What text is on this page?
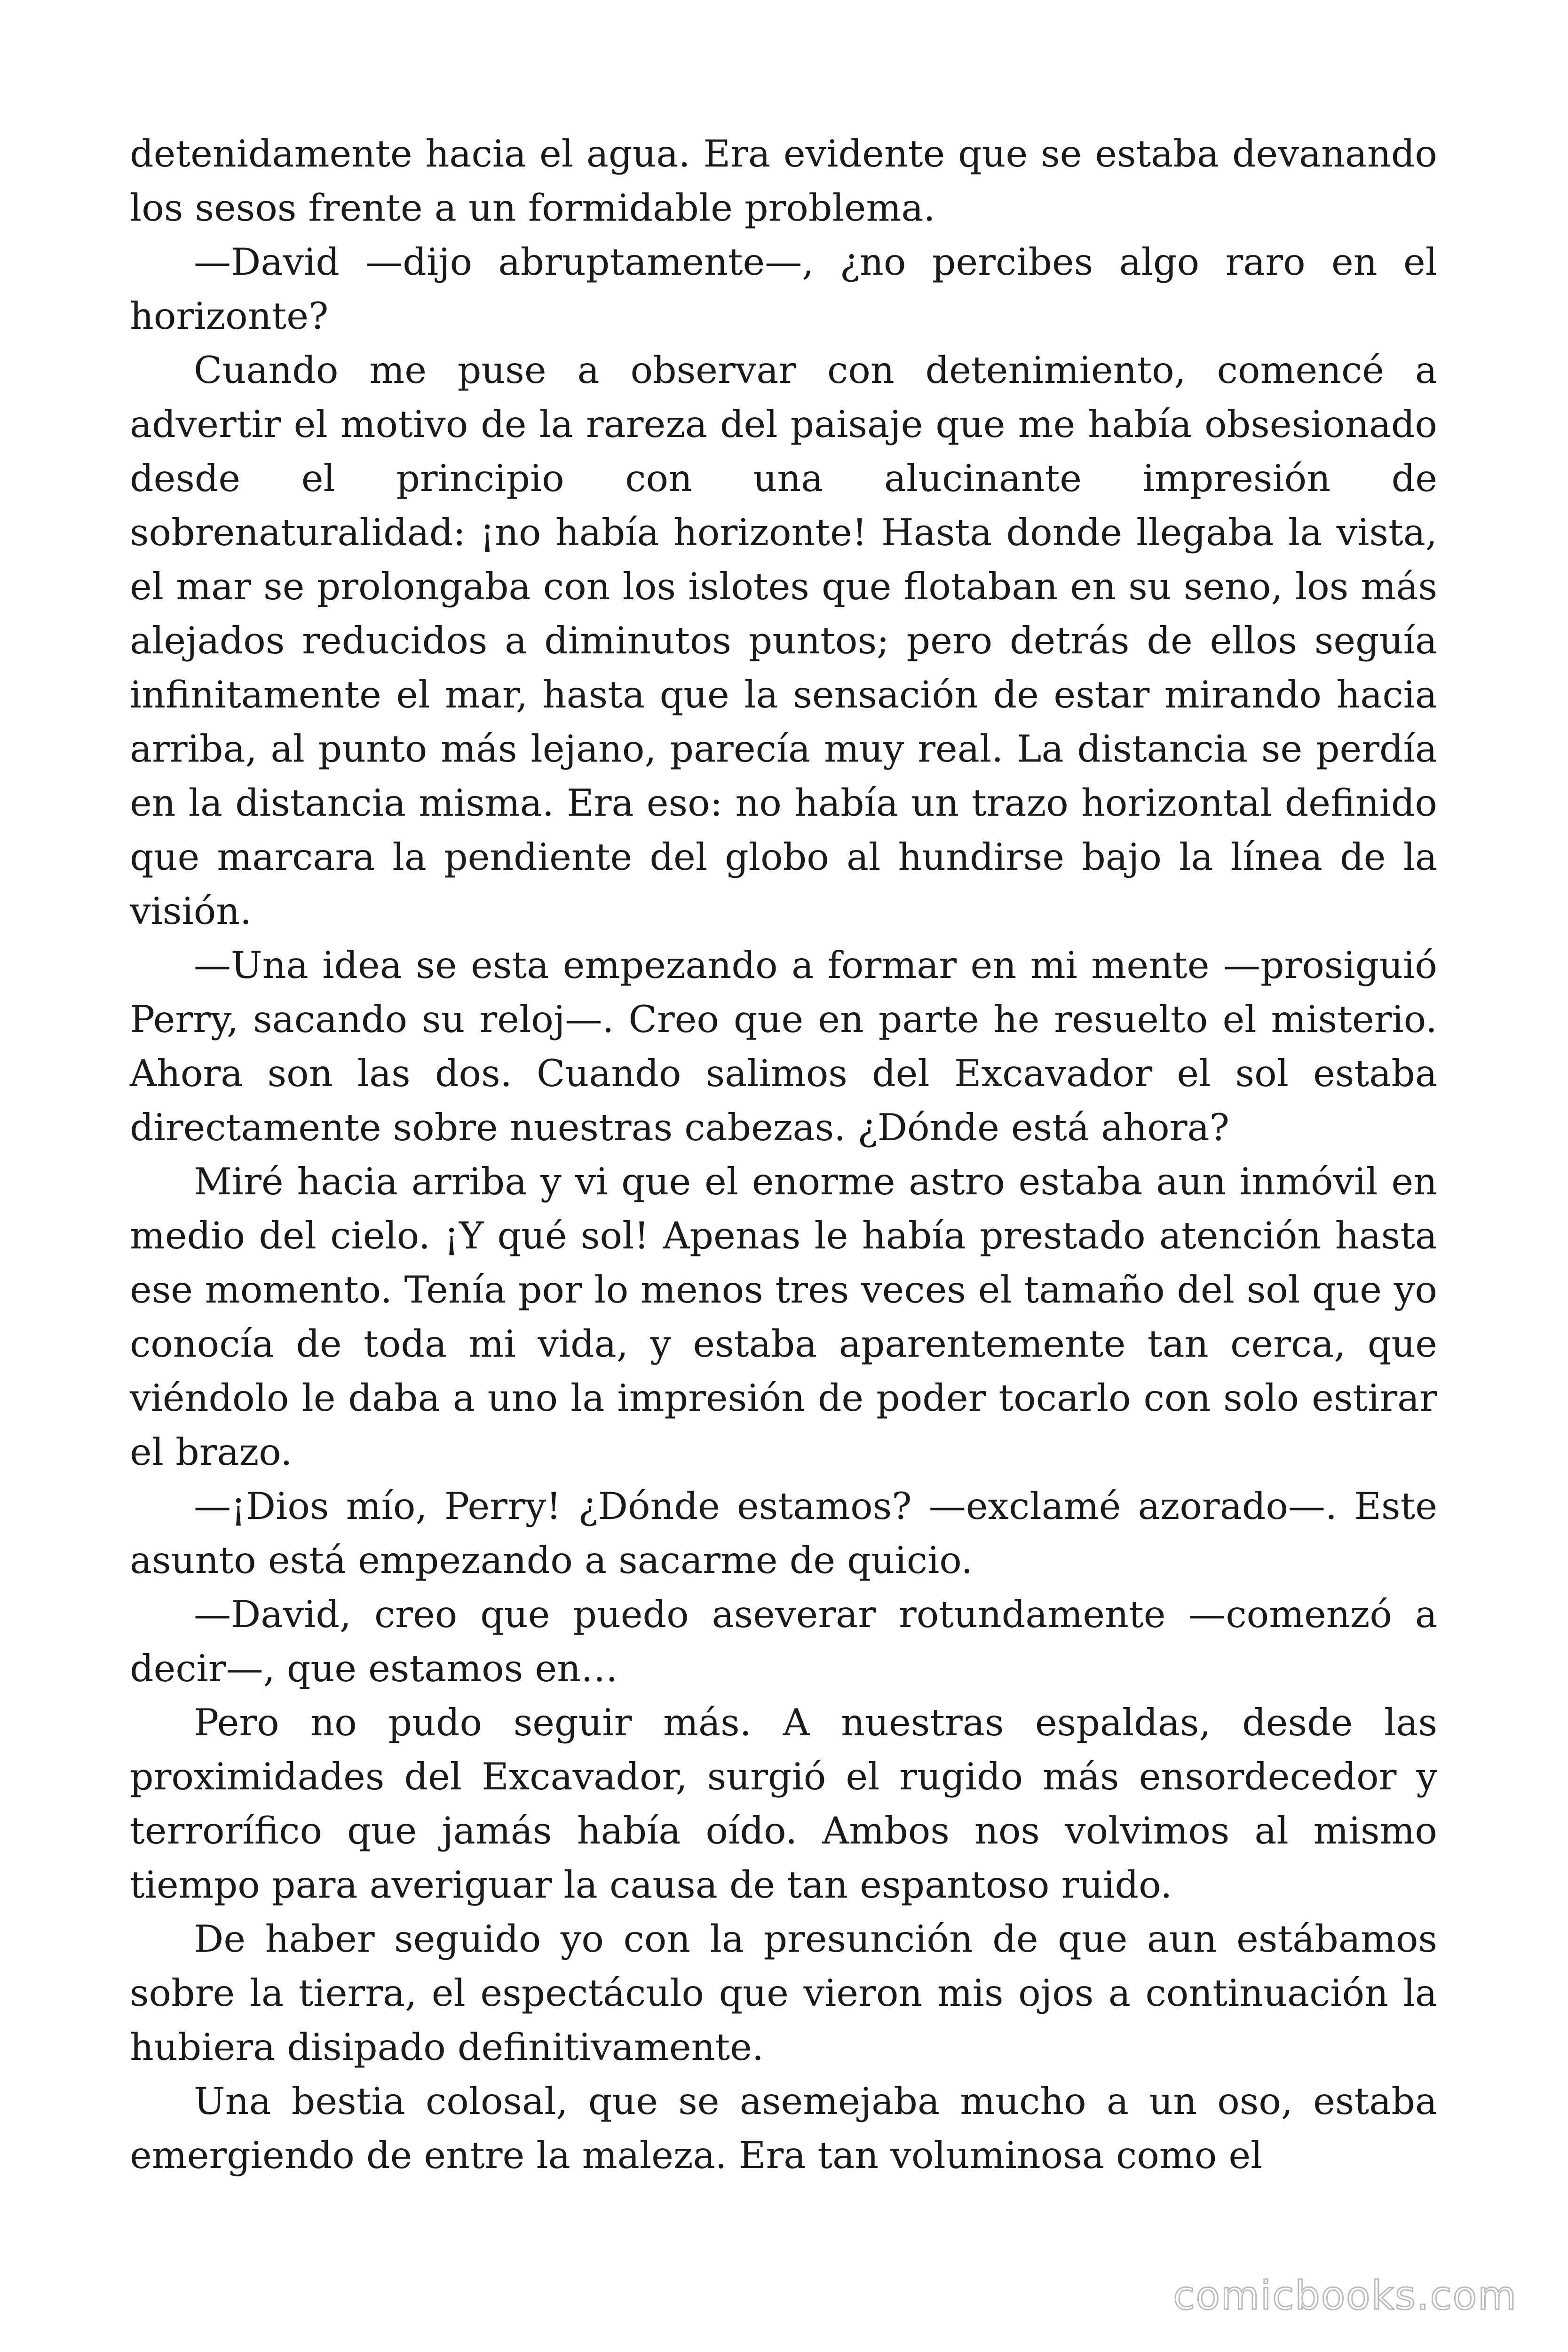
detenidamente hacia el agua. Era evidente que se estaba devanando los sesos frente a un formidable problema.

—David —dijo abruptamente—, ¿no percibes algo raro en el horizonte?

Cuando me puse a observar con detenimiento, comencé a advertir el motivo de la rareza del paisaje que me había obsesionado desde el principio con una alucinante impresión de sobrenaturalidad: ¡no había horizonte! Hasta donde llegaba la vista, el mar se prolongaba con los islotes que flotaban en su seno, los más alejados reducidos a diminutos puntos; pero detrás de ellos seguía infinitamente el mar, hasta que la sensación de estar mirando hacia arriba, al punto más lejano, parecía muy real. La distancia se perdía en la distancia misma. Era eso: no había un trazo horizontal definido que marcara la pendiente del globo al hundirse bajo la línea de la visión.

—Una idea se esta empezando a formar en mi mente —prosiguió Perry, sacando su reloj—. Creo que en parte he resuelto el misterio. Ahora son las dos. Cuando salimos del Excavador el sol estaba directamente sobre nuestras cabezas. ¿Dónde está ahora?

Miré hacia arriba y vi que el enorme astro estaba aun inmóvil en medio del cielo. ¡Y qué sol! Apenas le había prestado atención hasta ese momento. Tenía por lo menos tres veces el tamaño del sol que yo conocía de toda mi vida, y estaba aparentemente tan cerca, que viéndolo le daba a uno la impresión de poder tocarlo con solo estirar el brazo.

—¡Dios mío, Perry! ¿Dónde estamos? —exclamé azorado—. Este asunto está empezando a sacarme de quicio.

—David, creo que puedo aseverar rotundamente —comenzó a decir—, que estamos en…

Pero no pudo seguir más. A nuestras espaldas, desde las proximidades del Excavador, surgió el rugido más ensordecedor y terrorífico que jamás había oído. Ambos nos volvimos al mismo tiempo para averiguar la causa de tan espantoso ruido.

De haber seguido yo con la presunción de que aun estábamos sobre la tierra, el espectáculo que vieron mis ojos a continuación la hubiera disipado definitivamente.

Una bestia colosal, que se asemejaba mucho a un oso, estaba emergiendo de entre la maleza. Era tan voluminosa como el

comicbooks.com
